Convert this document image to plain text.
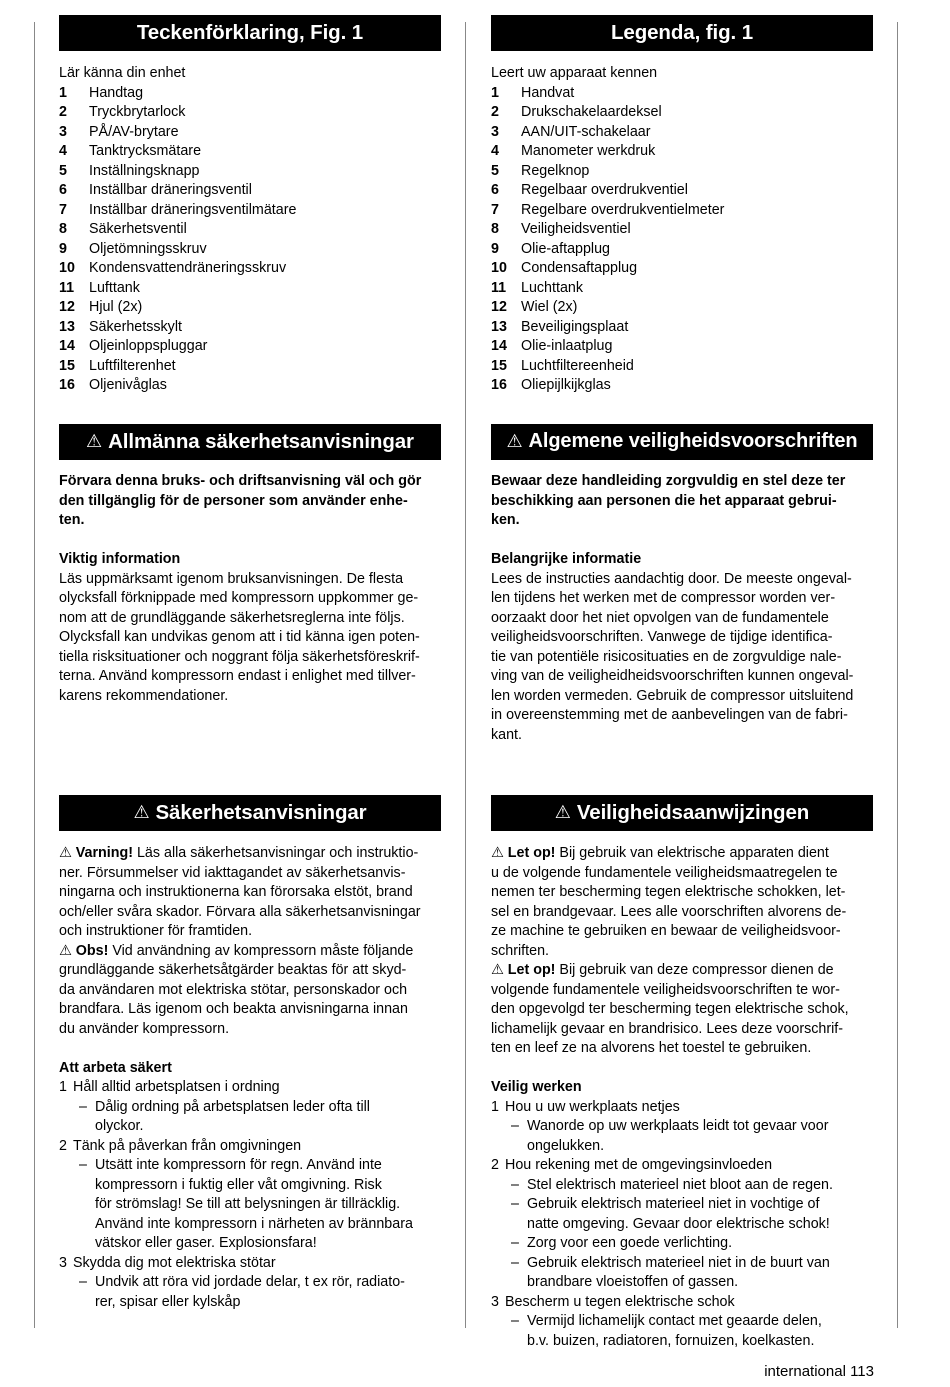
Teckenförklaring, Fig. 1

Lär känna din enhet

1	Handtag
2	Tryckbrytarlock
3	PÅ/AV-brytare
4	Tanktrycksmätare
5	Inställningsknapp
6	Inställbar dräneringsventil
7	Inställbar dräneringsventilmätare
8	Säkerhetsventil
9	Oljetömningsskruv
10 Kondensvattendräneringsskruv
11	Lufttank
12 Hjul (2x)
13 Säkerhetsskylt
14 Oljeinloppspluggar
15 Luftfilterenhet
16 Oljenivåglas
⚠ Allmänna säkerhetsanvisningar
Förvara denna bruks- och driftsanvisning väl och gör
den tillgänglig för de personer som använder enhe-
ten.

Viktig information

Läs uppmärksamt igenom bruksanvisningen. De flesta
olycksfall förknippade med kompressorn uppkommer ge-
nom att de grundläggande säkerhetsreglerna inte följs.
Olycksfall kan undvikas genom att i tid känna igen poten-
tiella risksituationer och noggrant följa säkerhetsföreskrif-
terna. Använd kompressorn endast i enlighet med tillver-
karens rekommendationer.
⚠ Säkerhetsanvisningar
⚠ Varning! Läs alla säkerhetsanvisningar och instruktio-
ner. Försummelser vid iakttagandet av säkerhetsanvis-
ningarna och instruktionerna kan förorsaka elstöt, brand
och/eller svåra skador. Förvara alla säkerhetsanvisningar
och instruktioner för framtiden.
⚠ Obs! Vid användning av kompressorn måste följande
grundläggande säkerhetsåtgärder beaktas för att skyd-
da användaren mot elektriska stötar, personskador och
brandfara. Läs igenom och beakta anvisningarna innan
du använder kompressorn.

Att arbeta säkert

1 Håll alltid arbetsplatsen i ordning
– Dålig ordning på arbetsplatsen leder ofta till
olyckor.
2 Tänk på påverkan från omgivningen
– Utsätt inte kompressorn för regn. Använd inte
kompressorn i fuktig eller våt omgivning. Risk
för strömslag! Se till att belysningen är tillräcklig.
Använd inte kompressorn i närheten av brännbara
vätskor eller gaser. Explosionsfara!
3 Skydda dig mot elektriska stötar
– Undvik att röra vid jordade delar, t ex rör, radiato-
rer, spisar eller kylskåp
Legenda, fig. 1

Leert uw apparaat kennen

1	Handvat
2	Drukschakelaardeksel
3	AAN/UIT-schakelaar
4	Manometer werkdruk
5	Regelknop
6	Regelbaar overdrukventiel
7	Regelbare overdrukventielmeter
8	Veiligheidsventiel
9	Olie-aftapplug
10 Condensaftapplug
11	Luchttank
12 Wiel (2x)
13 Beveiligingsplaat
14 Olie-inlaatplug
15 Luchtfiltereenheid
16 Oliepijlkijkglas
⚠ Algemene veiligheidsvoorschriften
Bewaar deze handleiding zorgvuldig en stel deze ter
beschikking aan personen die het apparaat gebrui-
ken.

Belangrijke informatie

Lees de instructies aandachtig door. De meeste ongeval-
len tijdens het werken met de compressor worden ver-
oorzaakt door het niet opvolgen van de fundamentele
veiligheidsvoorschriften. Vanwege de tijdige identifica-
tie van potentiële risicosituaties en de zorgvuldige nale-
ving van de veiligheidheidsvoorschriften kunnen ongeval-
len worden vermeden. Gebruik de compressor uitsluitend
in overeenstemming met de aanbevelingen van de fabri-
kant.
⚠ Veiligheidsaanwijzingen
⚠ Let op! Bij gebruik van elektrische apparaten dient
u de volgende fundamentele veiligheidsmaatregelen te
nemen ter bescherming tegen elektrische schokken, let-
sel en brandgevaar. Lees alle voorschriften alvorens de-
ze machine te gebruiken en bewaar de veiligheidsvoor-
schriften.
⚠ Let op! Bij gebruik van deze compressor dienen de
volgende fundamentele veiligheidsvoorschriften te wor-
den opgevolgd ter bescherming tegen elektrische schok,
lichamelijk gevaar en brandrisico. Lees deze voorschrif-
ten en leef ze na alvorens het toestel te gebruiken.

Veilig werken

1 Hou u uw werkplaats netjes
– Wanorde op uw werkplaats leidt tot gevaar voor
ongelukken.
2 Hou rekening met de omgevingsinvloeden
– Stel elektrisch materieel niet bloot aan de regen.
– Gebruik elektrisch materieel niet in vochtige of
natte omgeving. Gevaar door elektrische schok!
– Zorg voor een goede verlichting.
– Gebruik elektrisch materieel niet in de buurt van
brandbare vloeistoffen of gassen.
3 Bescherm u tegen elektrische schok
– Vermijd lichamelijk contact met geaarde delen,
b.v. buizen, radiatoren, fornuizen, koelkasten.
international 113
